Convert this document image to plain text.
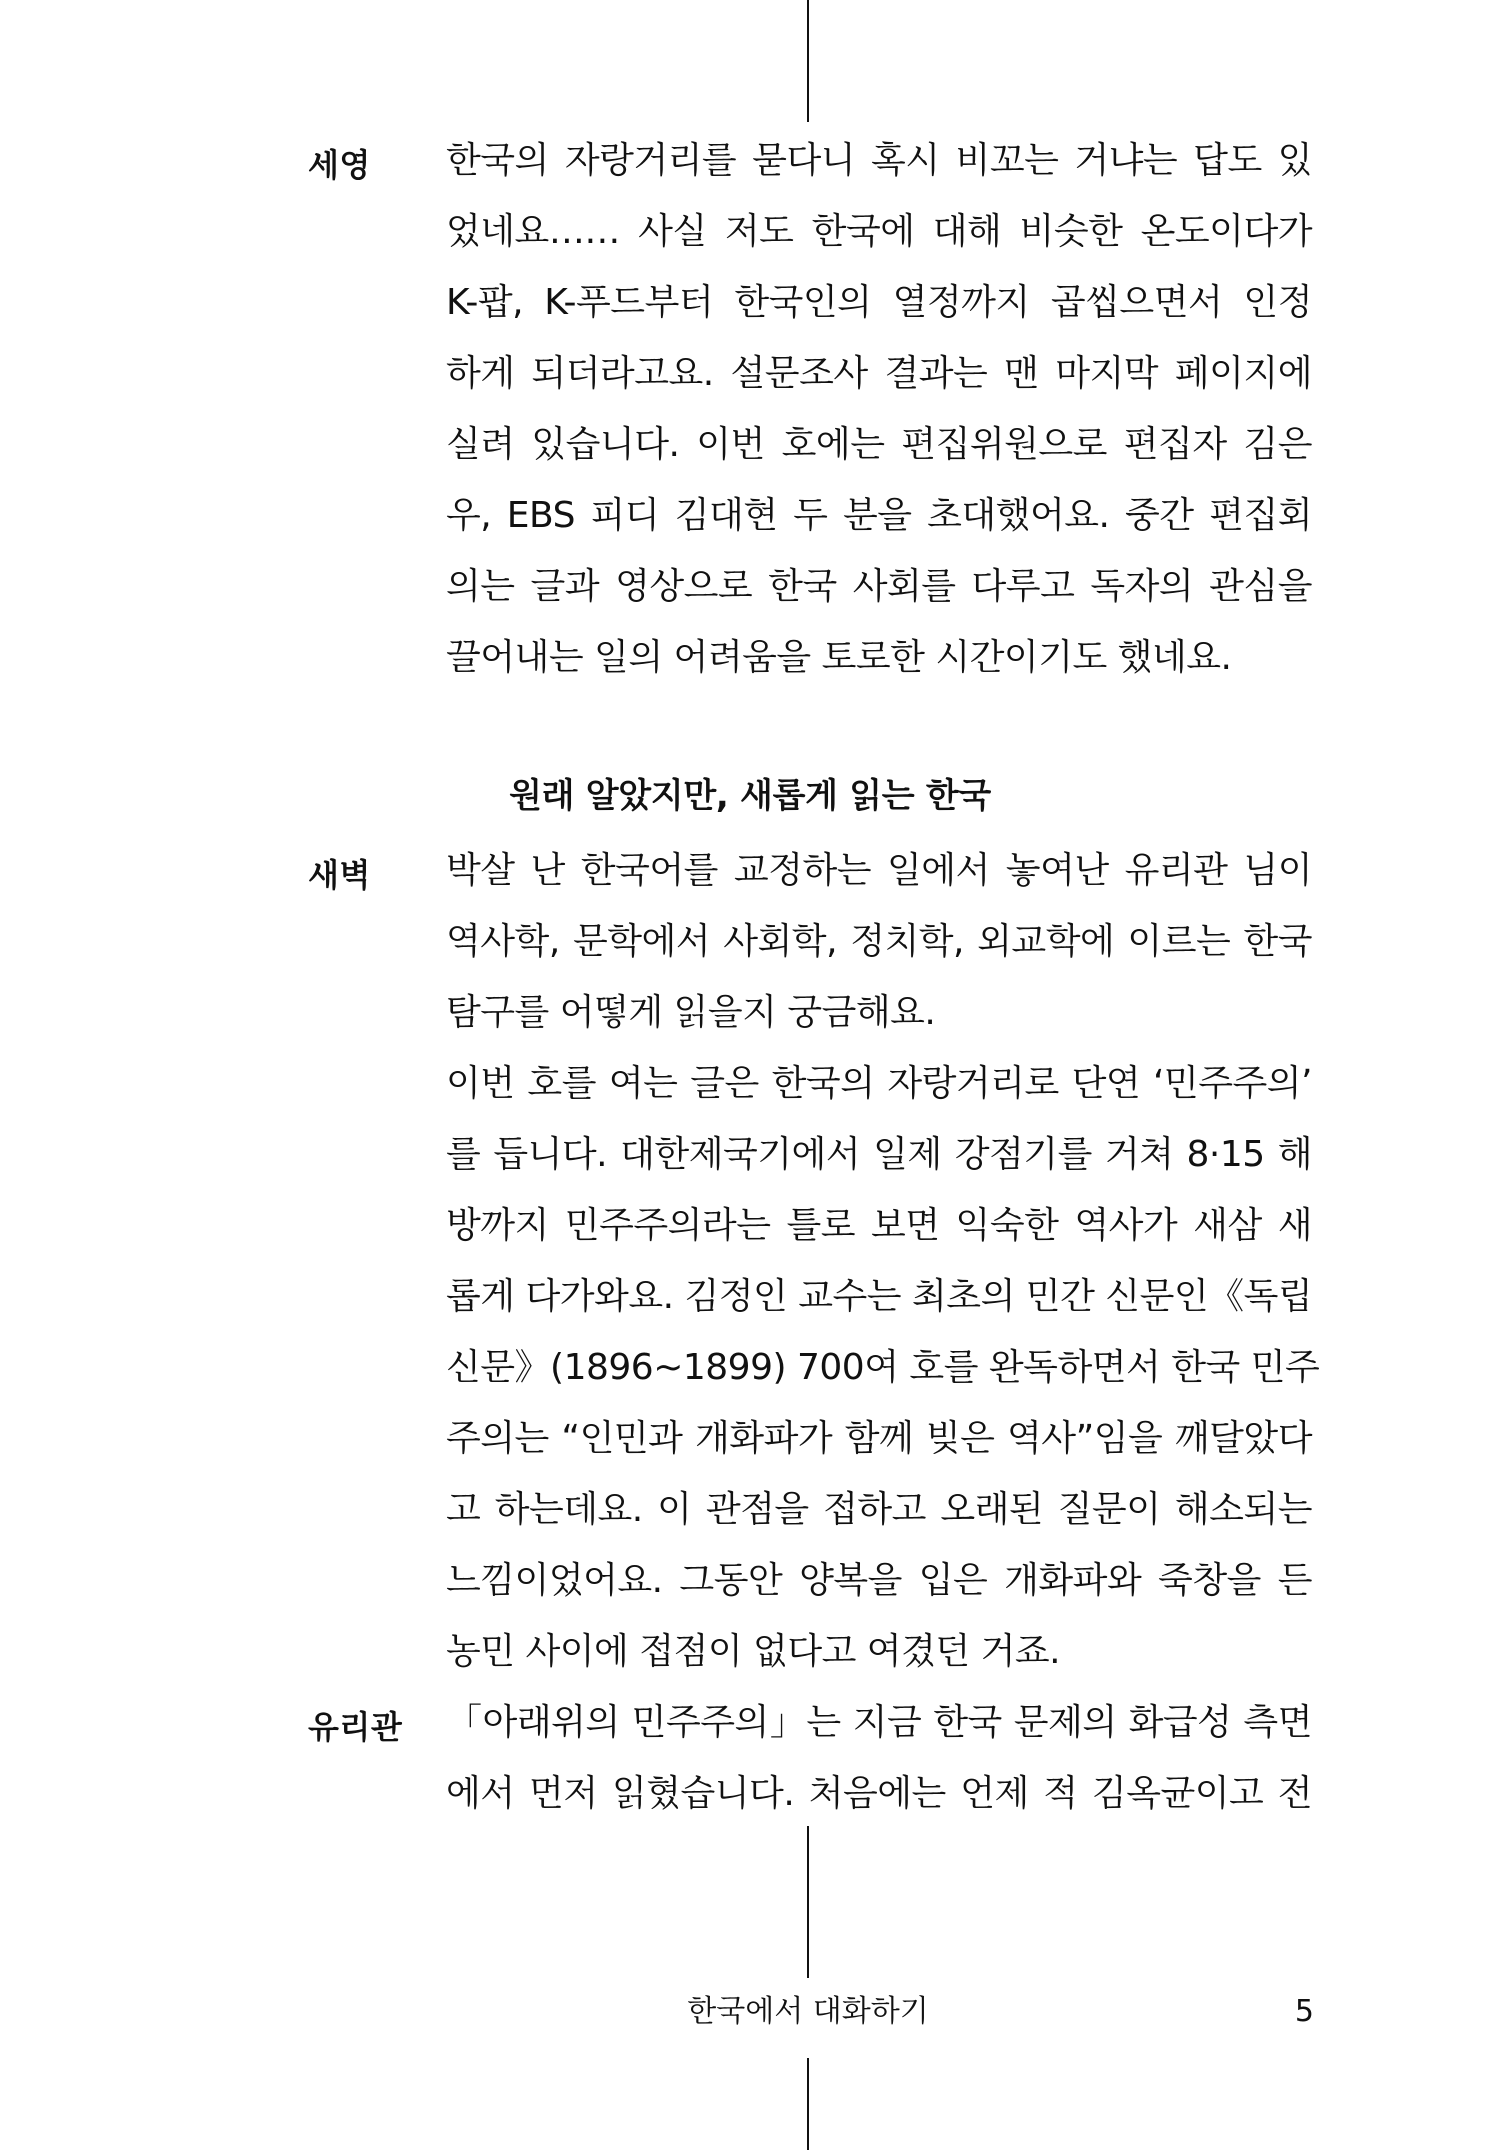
세영 한국의 자랑거리를 묻다니 혹시 비꼬는 거냐는 답도 있
었네요…… 사실 저도 한국에 대해 비슷한 온도이다가
K-팝, K-푸드부터 한국인의 열정까지 곱씹으면서 인정
하게 되더라고요. 설문조사 결과는 맨 마지막 페이지에
실려 있습니다. 이번 호에는 편집위원으로 편집자 김은
우, EBS 피디 김대현 두 분을 초대했어요. 중간 편집회
의는 글과 영상으로 한국 사회를 다루고 독자의 관심을
끌어내는 일의 어려움을 토로한 시간이기도 했네요.
원래 알았지만, 새롭게 읽는 한국
새벽 박살 난 한국어를 교정하는 일에서 놓여난 유리관 님이
역사학, 문학에서 사회학, 정치학, 외교학에 이르는 한국
탐구를 어떻게 읽을지 궁금해요.
이번 호를 여는 글은 한국의 자랑거리로 단연 ‘민주주의’
를 듭니다. 대한제국기에서 일제 강점기를 거쳐 8·15 해
방까지 민주주의라는 틀로 보면 익숙한 역사가 새삼 새
롭게 다가와요. 김정인 교수는 최초의 민간 신문인《독립
신문》(1896~1899) 700여 호를 완독하면서 한국 민주
주의는 “인민과 개화파가 함께 빚은 역사”임을 깨달았다
고 하는데요. 이 관점을 접하고 오래된 질문이 해소되는
느낌이었어요. 그동안 양복을 입은 개화파와 죽창을 든
농민 사이에 접점이 없다고 여겼던 거죠.
유리관 「아래위의 민주주의」는 지금 한국 문제의 화급성 측면
에서 먼저 읽혔습니다. 처음에는 언제 적 김옥균이고 전
한국에서 대화하기	5
